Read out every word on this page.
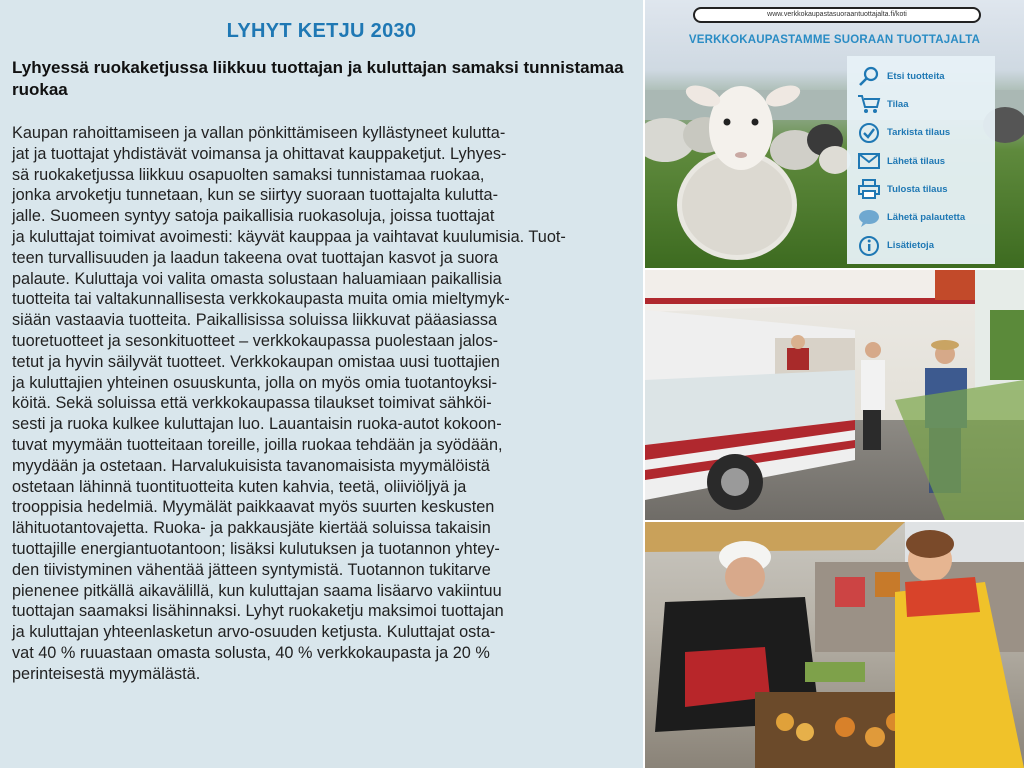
LYHYT KETJU 2030
Lyhyessä ruokaketjussa liikkuu tuottajan ja kuluttajan samaksi tunnistamaa ruokaa
Kaupan rahoittamiseen ja vallan pönkittämiseen kyllästyneet kulutta-
jat ja tuottajat yhdistävät voimansa ja ohittavat kauppaketjut. Lyhyes-
sä ruokaketjussa liikkuu osapuolten samaksi tunnistamaa ruokaa,
jonka arvoketju tunnetaan, kun se siirtyy suoraan tuottajalta kulutta-
jalle. Suomeen syntyy satoja paikallisia ruokasoluja, joissa tuottajat
ja kuluttajat toimivat avoimesti: käyvät kauppaa ja vaihtavat kuulumisia. Tuot-
teen turvallisuuden ja laadun takeena ovat tuottajan kasvot ja suora
palaute. Kuluttaja voi valita omasta solustaan haluamiaan paikallisia
tuotteita tai valtakunnallisesta verkkokaupasta muita omia mieltymyk-
siään vastaavia tuotteita. Paikallisissa soluissa liikkuvat pääasiassa
tuoretuotteet ja sesonkituotteet – verkkokaupassa puolestaan jalos-
tetut ja hyvin säilyvät tuotteet. Verkkokaupan omistaa uusi tuottajien
ja kuluttajien yhteinen osuuskunta, jolla on myös omia tuotantoyksi-
köitä. Sekä soluissa että verkkokaupassa tilaukset toimivat sähköi-
sesti ja ruoka kulkee kuluttajan luo. Lauantaisin ruoka-autot kokoon-
tuvat myymään tuotteitaan toreille, joilla ruokaa tehdään ja syödään,
myydään ja ostetaan. Harvalukuisista tavanomaisista myymälöistä
ostetaan lähinnä tuontituotteita kuten kahvia, teetä, oliiviöljyä ja
trooppisia hedelmiä. Myymälät paikkaavat myös suurten keskusten
lähituotantovajetta. Ruoka- ja pakkausjäte kiertää soluissa takaisin
tuottajille energiantuotantoon; lisäksi kulutuksen ja tuotannon yhtey-
den tiivistyminen vähentää jätteen syntymistä. Tuotannon tukitarve
pienenee pitkällä aikavälillä, kun kuluttajan saama lisäarvo vakiintuu
tuottajan saamaksi lisähinnaksi. Lyhyt ruokaketju maksimoi tuottajan
ja kuluttajan yhteenlasketun arvo-osuuden ketjusta. Kuluttajat osta-
vat 40 % ruuastaan omasta solusta, 40 % verkkokaupasta ja 20 %
perinteisestä myymälästä.
www.verkkokaupastasuoraantuottajalta.fi/koti
VERKKOKAUPASTAMME SUORAAN TUOTTAJALTA
Etsi tuotteita
Tilaa
Tarkista tilaus
Lähetä tilaus
Tulosta tilaus
Lähetä palautetta
Lisätietoja
